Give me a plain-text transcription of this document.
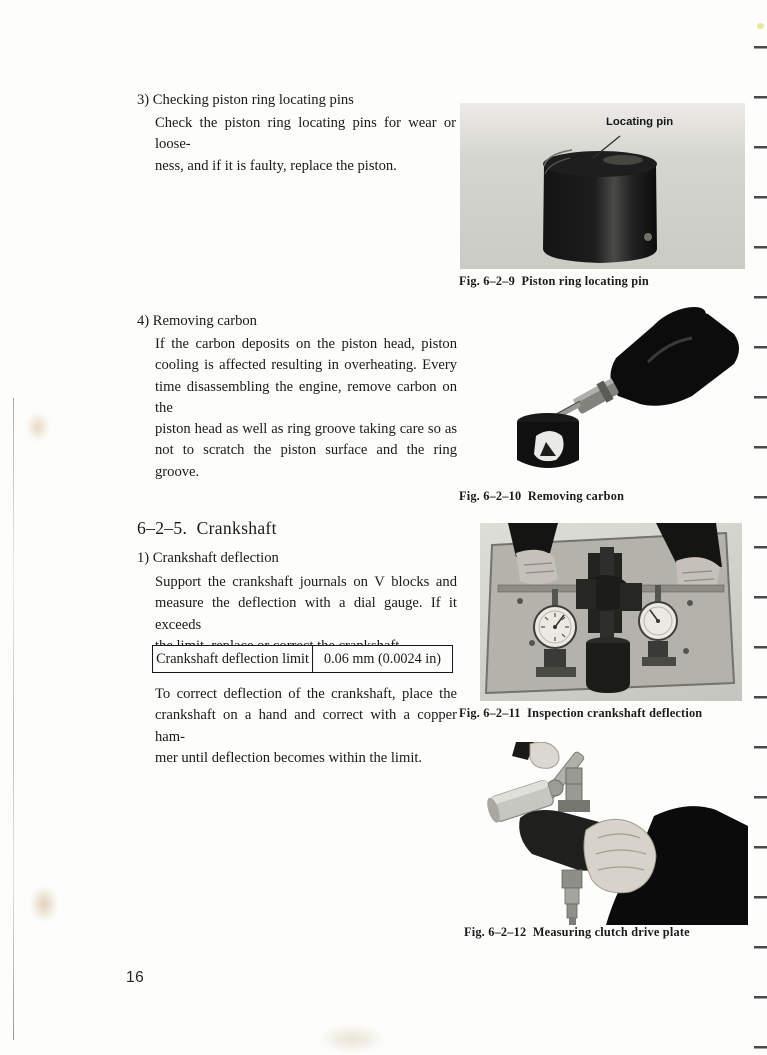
3) Checking piston ring locating pins
Check the piston ring locating pins for wear or loose-
ness, and if it is faulty, replace the piston.
Locating pin
Fig. 6–2–9  Piston ring locating pin
4) Removing carbon
If the carbon deposits on the piston head, piston
cooling is affected resulting in overheating. Every
time disassembling the engine, remove carbon on the
piston head as well as ring groove taking care so as
not to scratch the piston surface and the ring groove.
Fig. 6–2–10  Removing carbon
6–2–5.  Crankshaft
1) Crankshaft deflection
Support the crankshaft journals on V blocks and
measure the deflection with a dial gauge. If it exceeds
Crankshaft deflection limit	0.06 mm (0.0024 in)
To correct deflection of the crankshaft, place the
crankshaft on a hand and correct with a copper ham-
mer until deflection becomes within the limit.
Fig. 6–2–11  Inspection crankshaft deflection
Fig. 6–2–12  Measuring clutch drive plate
16
